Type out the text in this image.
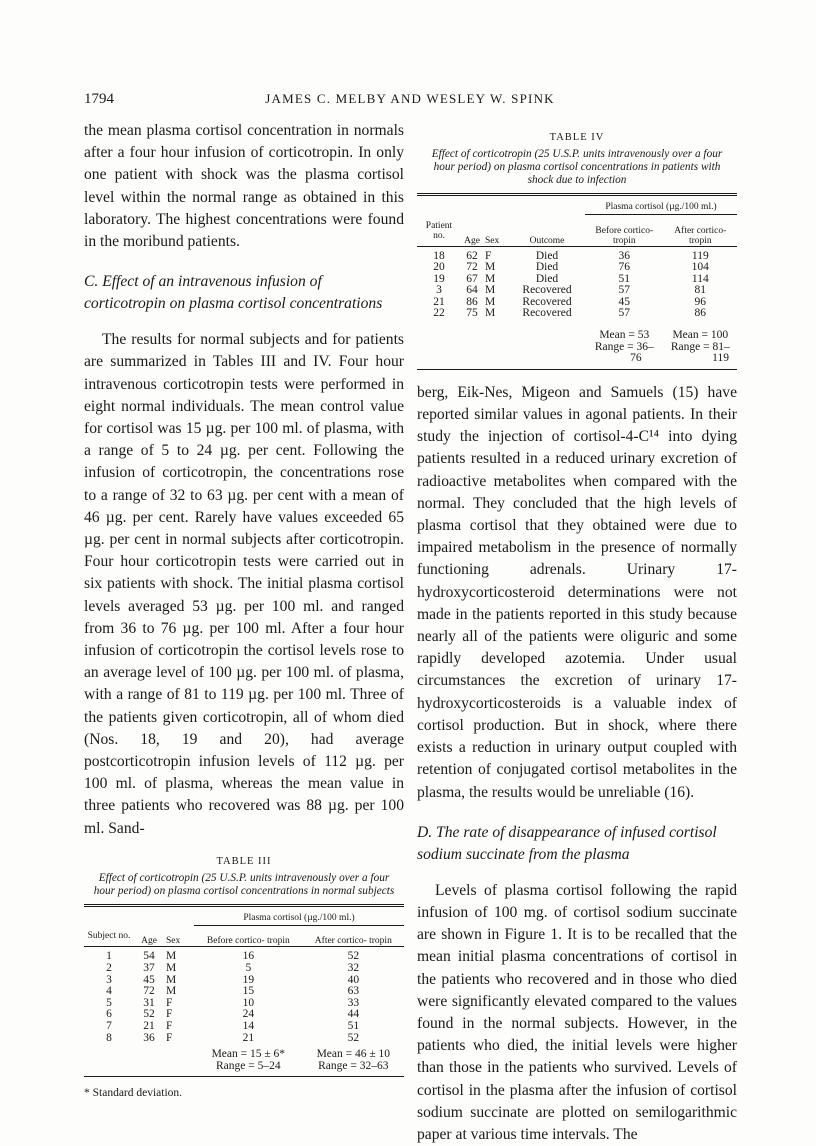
1794	JAMES C. MELBY AND WESLEY W. SPINK

the mean plasma cortisol concentration in normals after a four hour infusion of corticotropin. In only one patient with shock was the plasma cortisol level within the normal range as obtained in this laboratory. The highest concentrations were found in the moribund patients.

C. Effect of an intravenous infusion of corticotropin on plasma cortisol concentrations

The results for normal subjects and for patients are summarized in Tables III and IV. Four hour intravenous corticotropin tests were performed in eight normal individuals. The mean control value for cortisol was 15 µg. per 100 ml. of plasma, with a range of 5 to 24 µg. per cent. Following the infusion of corticotropin, the concentrations rose to a range of 32 to 63 µg. per cent with a mean of 46 µg. per cent. Rarely have values exceeded 65 µg. per cent in normal subjects after corticotropin. Four hour corticotropin tests were carried out in six patients with shock. The initial plasma cortisol levels averaged 53 µg. per 100 ml. and ranged from 36 to 76 µg. per 100 ml. After a four hour infusion of corticotropin the cortisol levels rose to an average level of 100 µg. per 100 ml. of plasma, with a range of 81 to 119 µg. per 100 ml. Three of the patients given corticotropin, all of whom died (Nos. 18, 19 and 20), had average postcorticotropin infusion levels of 112 µg. per 100 ml. of plasma, whereas the mean value in three patients who recovered was 88 µg. per 100 ml. Sand-

TABLE III
Effect of corticotropin (25 U.S.P. units intravenously over a four hour period) on plasma cortisol concentrations in normal subjects
			Plasma cortisol (µg./100 ml.)	
Subject no.	Age	Sex	Before cortico- tropin	After cortico- tropin

1	54	M	16	52
2	37	M	5	32
3	45	M	19	40
4	72	M	15	63
5	31	F	10	33
6	52	F	24	44
7	21	F	14	51
8	36	F	21	52

			Mean = 15 ± 6*	Mean = 46 ± 10
			Range = 5–24	Range = 32–63

* Standard deviation.
TABLE IV
Effect of corticotropin (25 U.S.P. units intravenously over a four hour period) on plasma cortisol concentrations in patients with shock due to infection
				Plasma cortisol (µg./100 ml.)	
Patient no.	Age	Sex	Outcome	Before cortico- tropin	After cortico- tropin

18	62	F	Died	36	119
20	72	M	Died	76	104
19	67	M	Died	51	114
3	64	M	Recovered	57	81
21	86	M	Recovered	45	96
22	75	M	Recovered	57	86

				Mean = 53	Mean = 100
				Range = 36–	Range = 81–
				76	119

berg, Eik-Nes, Migeon and Samuels (15) have reported similar values in agonal patients. In their study the injection of cortisol-4-C¹⁴ into dying patients resulted in a reduced urinary excretion of radioactive metabolites when compared with the normal. They concluded that the high levels of plasma cortisol that they obtained were due to impaired metabolism in the presence of normally functioning adrenals. Urinary 17-hydroxycorticosteroid determinations were not made in the patients reported in this study because nearly all of the patients were oliguric and some rapidly developed azotemia. Under usual circumstances the excretion of urinary 17-hydroxycorticosteroids is a valuable index of cortisol production. But in shock, where there exists a reduction in urinary output coupled with retention of conjugated cortisol metabolites in the plasma, the results would be unreliable (16).

D. The rate of disappearance of infused cortisol sodium succinate from the plasma

Levels of plasma cortisol following the rapid infusion of 100 mg. of cortisol sodium succinate are shown in Figure 1. It is to be recalled that the mean initial plasma concentrations of cortisol in the patients who recovered and in those who died were significantly elevated compared to the values found in the normal subjects. However, in the patients who died, the initial levels were higher than those in the patients who survived. Levels of cortisol in the plasma after the infusion of cortisol sodium succinate are plotted on semilogarithmic paper at various time intervals. The
